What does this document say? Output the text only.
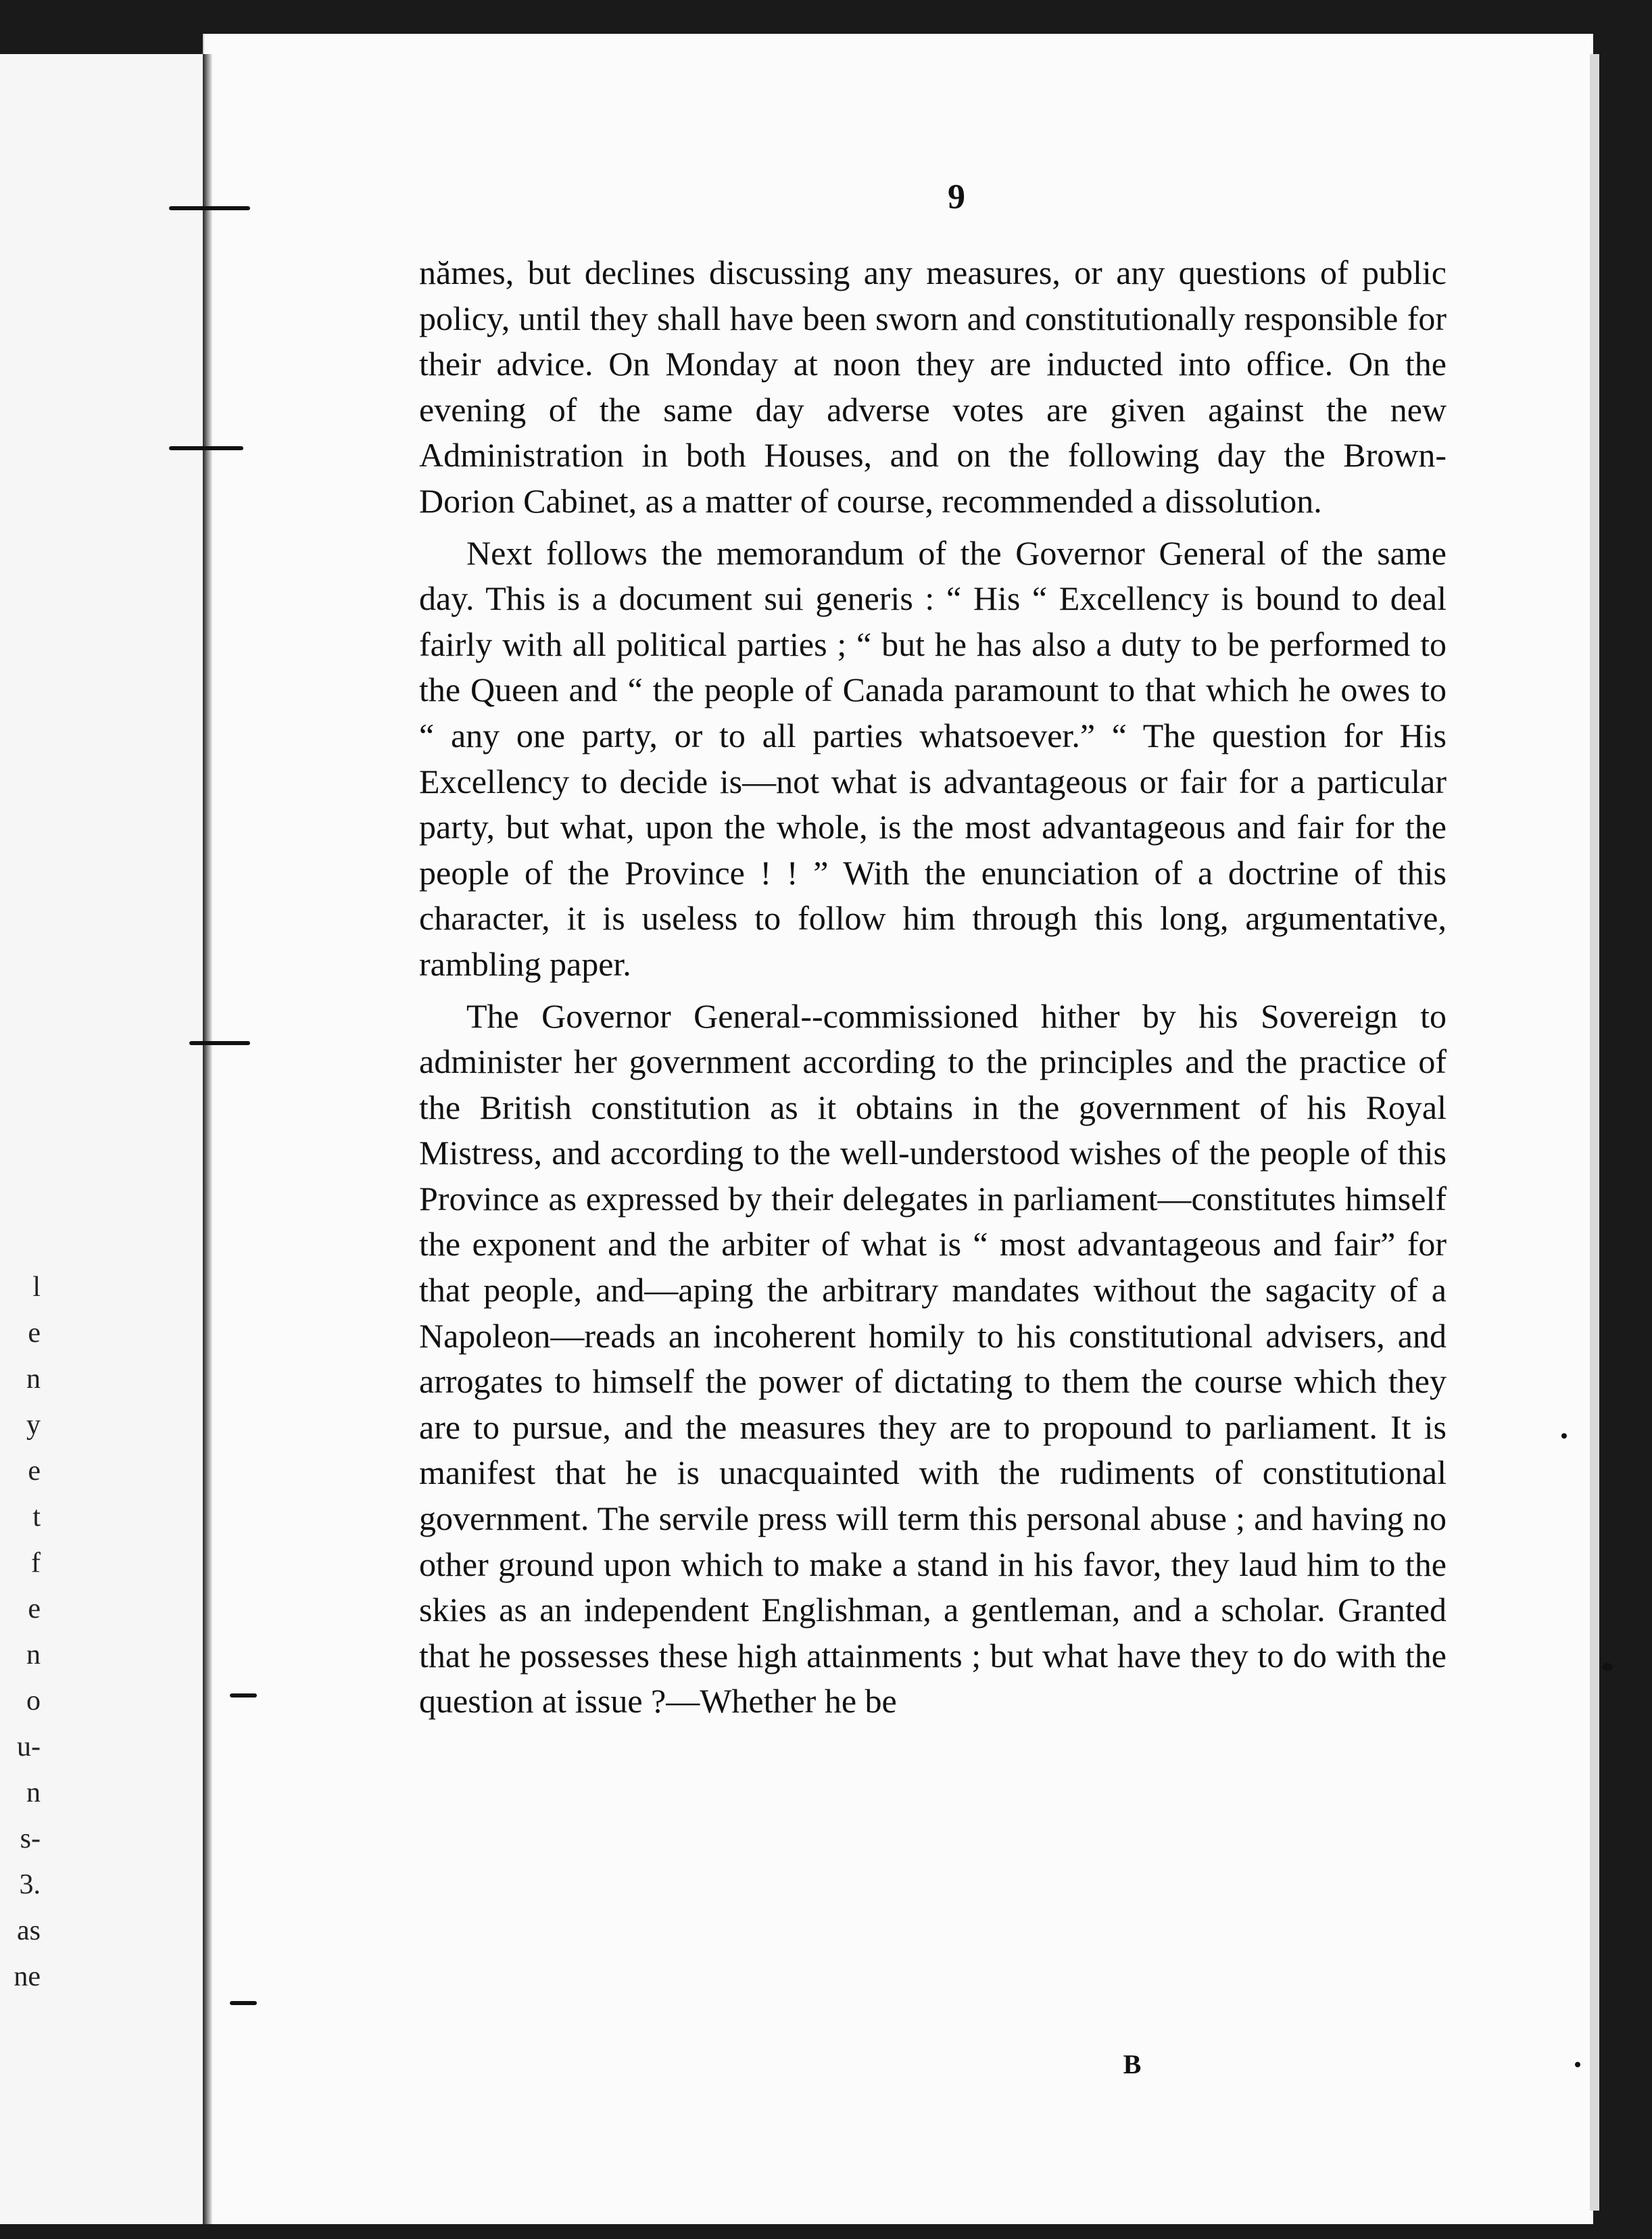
l
e
n
y
e
t
f
e
n
o
u-
n
s-
3.
as
ne
9

nămes, but declines discussing any measures, or any questions of public policy, until they shall have been sworn and constitutionally responsible for their advice. On Monday at noon they are inducted into office. On the evening of the same day adverse votes are given against the new Administration in both Houses, and on the following day the Brown-Dorion Cabinet, as a matter of course, recommended a dissolution.

Next follows the memorandum of the Governor General of the same day. This is a document sui generis : “ His “ Excellency is bound to deal fairly with all political parties ; “ but he has also a duty to be performed to the Queen and “ the people of Canada paramount to that which he owes to “ any one party, or to all parties whatsoever.” “ The question for His Excellency to decide is—not what is advantageous or fair for a particular party, but what, upon the whole, is the most advantageous and fair for the people of the Province ! ! ” With the enunciation of a doctrine of this character, it is useless to follow him through this long, argumentative, rambling paper.

The Governor General--commissioned hither by his Sovereign to administer her government according to the principles and the practice of the British constitution as it obtains in the government of his Royal Mistress, and according to the well-understood wishes of the people of this Province as expressed by their delegates in parliament—constitutes himself the exponent and the arbiter of what is “ most advantageous and fair” for that people, and—aping the arbitrary mandates without the sagacity of a Napoleon—reads an incoherent homily to his constitutional advisers, and arrogates to himself the power of dictating to them the course which they are to pursue, and the measures they are to propound to parliament. It is manifest that he is unacquainted with the rudiments of constitutional government. The servile press will term this personal abuse ; and having no other ground upon which to make a stand in his favor, they laud him to the skies as an independent Englishman, a gentleman, and a scholar. Granted that he possesses these high attainments ; but what have they to do with the question at issue ?—Whether he be

B
